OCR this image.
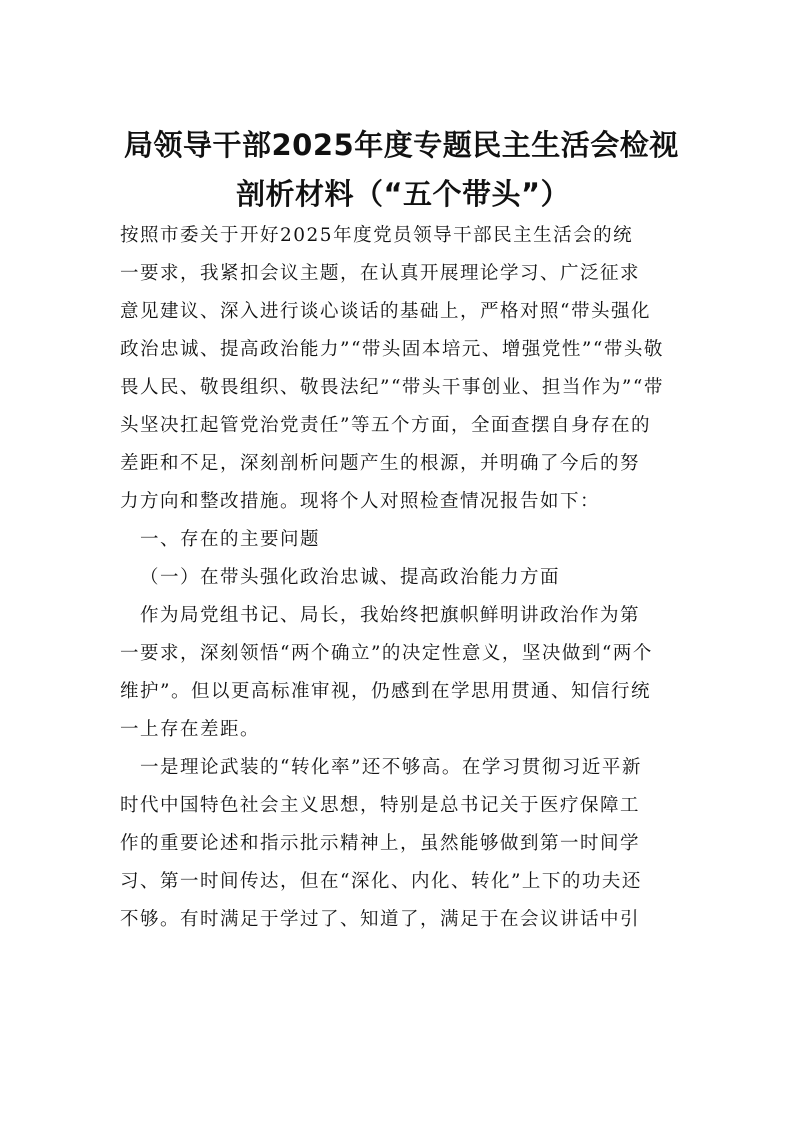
局领导干部2025年度专题民主生活会检视
剖析材料（“五个带头”）
按照市委关于开好2025年度党员领导干部民主生活会的统
一要求，我紧扣会议主题，在认真开展理论学习、广泛征求
意见建议、深入进行谈心谈话的基础上，严格对照“带头强化
政治忠诚、提高政治能力”“带头固本培元、增强党性”“带头敬
畏人民、敬畏组织、敬畏法纪”“带头干事创业、担当作为”“带
头坚决扛起管党治党责任”等五个方面，全面查摆自身存在的
差距和不足，深刻剖析问题产生的根源，并明确了今后的努
力方向和整改措施。现将个人对照检查情况报告如下：
一、存在的主要问题
（一）在带头强化政治忠诚、提高政治能力方面
作为局党组书记、局长，我始终把旗帜鲜明讲政治作为第
一要求，深刻领悟“两个确立”的决定性意义，坚决做到“两个
维护”。但以更高标准审视，仍感到在学思用贯通、知信行统
一上存在差距。
一是理论武装的“转化率”还不够高。在学习贯彻习近平新
时代中国特色社会主义思想，特别是总书记关于医疗保障工
作的重要论述和指示批示精神上，虽然能够做到第一时间学
习、第一时间传达，但在“深化、内化、转化”上下的功夫还
不够。有时满足于学过了、知道了，满足于在会议讲话中引
